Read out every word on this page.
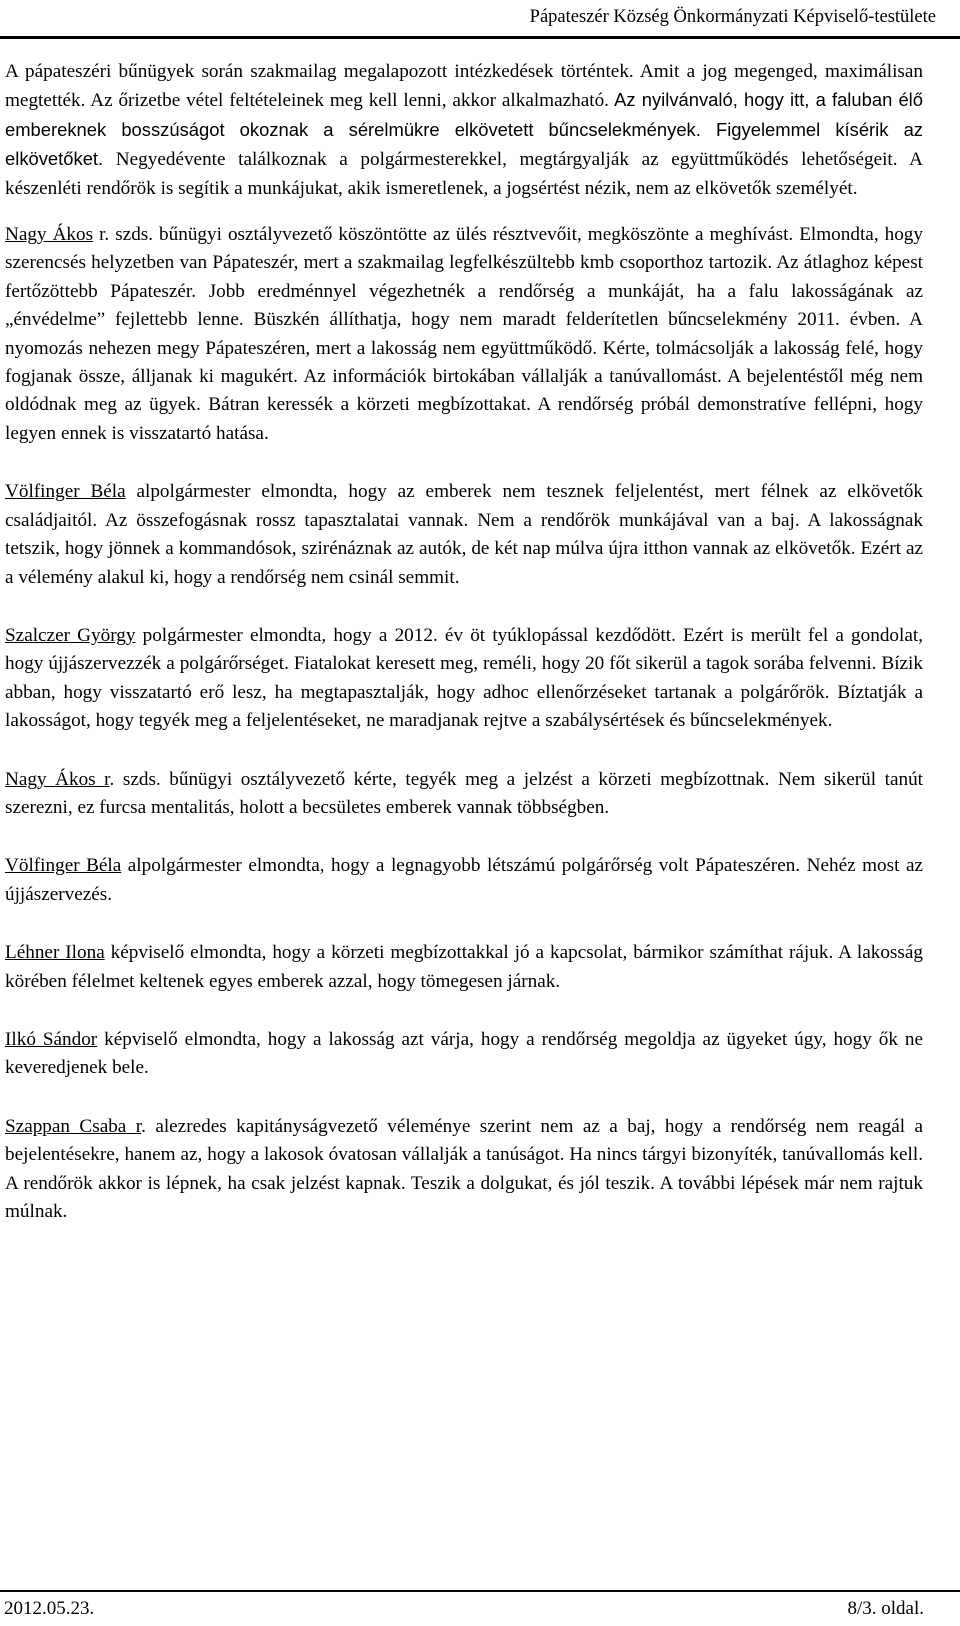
Pápateszér Község Önkormányzati Képviselő-testülete

A pápateszéri bűnügyek során szakmailag megalapozott intézkedések történtek. Amit a jog megenged, maximálisan megtették. Az őrizetbe vétel feltételeinek meg kell lenni, akkor alkalmazható. Az nyilvánvaló, hogy itt, a faluban élő embereknek bosszúságot okoznak a sérelmükre elkövetett bűncselekmények. Figyelemmel kísérik az elkövetőket. Negyedévente találkoznak a polgármesterekkel, megtárgyalják az együttműködés lehetőségeit. A készenléti rendőrök is segítik a munkájukat, akik ismeretlenek, a jogsértést nézik, nem az elkövetők személyét.

Nagy Ákos r. szds. bűnügyi osztályvezető köszöntötte az ülés résztvevőit, megköszönte a meghívást. Elmondta, hogy szerencsés helyzetben van Pápateszér, mert a szakmailag legfelkészültebb kmb csoporthoz tartozik. Az átlaghoz képest fertőzöttebb Pápateszér. Jobb eredménnyel végezhetnék a rendőrség a munkáját, ha a falu lakosságának az „énvédelme” fejlettebb lenne. Büszkén állíthatja, hogy nem maradt felderítetlen bűncselekmény 2011. évben. A nyomozás nehezen megy Pápateszéren, mert a lakosság nem együttműködő. Kérte, tolmácsolják a lakosság felé, hogy fogjanak össze, álljanak ki magukért. Az információk birtokában vállalják a tanúvallomást. A bejelentéstől még nem oldódnak meg az ügyek. Bátran keressék a körzeti megbízottakat. A rendőrség próbál demonstratíve fellépni, hogy legyen ennek is visszatartó hatása.

Völfinger Béla alpolgármester elmondta, hogy az emberek nem tesznek feljelentést, mert félnek az elkövetők családjaitól. Az összefogásnak rossz tapasztalatai vannak. Nem a rendőrök munkájával van a baj. A lakosságnak tetszik, hogy jönnek a kommandósok, szirénáznak az autók, de két nap múlva újra itthon vannak az elkövetők. Ezért az a vélemény alakul ki, hogy a rendőrség nem csinál semmit.

Szalczer György polgármester elmondta, hogy a 2012. év öt tyúklopással kezdődött. Ezért is merült fel a gondolat, hogy újjászervezzék a polgárőrséget. Fiatalokat keresett meg, reméli, hogy 20 főt sikerül a tagok sorába felvenni. Bízik abban, hogy visszatartó erő lesz, ha megtapasztalják, hogy adhoc ellenőrzéseket tartanak a polgárőrök. Bíztatják a lakosságot, hogy tegyék meg a feljelentéseket, ne maradjanak rejtve a szabálysértések és bűncselekmények.

Nagy Ákos r. szds. bűnügyi osztályvezető kérte, tegyék meg a jelzést a körzeti megbízottnak. Nem sikerül tanút szerezni, ez furcsa mentalitás, holott a becsületes emberek vannak többségben.

Völfinger Béla alpolgármester elmondta, hogy a legnagyobb létszámú polgárőrség volt Pápateszéren. Nehéz most az újjászervezés.

Léhner Ilona képviselő elmondta, hogy a körzeti megbízottakkal jó a kapcsolat, bármikor számíthat rájuk. A lakosság körében félelmet keltenek egyes emberek azzal, hogy tömegesen járnak.

Ilkó Sándor képviselő elmondta, hogy a lakosság azt várja, hogy a rendőrség megoldja az ügyeket úgy, hogy ők ne keveredjenek bele.

Szappan Csaba r. alezredes kapitányságvezető véleménye szerint nem az a baj, hogy a rendőrség nem reagál a bejelentésekre, hanem az, hogy a lakosok óvatosan vállalják a tanúságot. Ha nincs tárgyi bizonyíték, tanúvallomás kell. A rendőrök akkor is lépnek, ha csak jelzést kapnak. Teszik a dolgukat, és jól teszik. A további lépések már nem rajtuk múlnak.

2012.05.23.	8/3. oldal.
